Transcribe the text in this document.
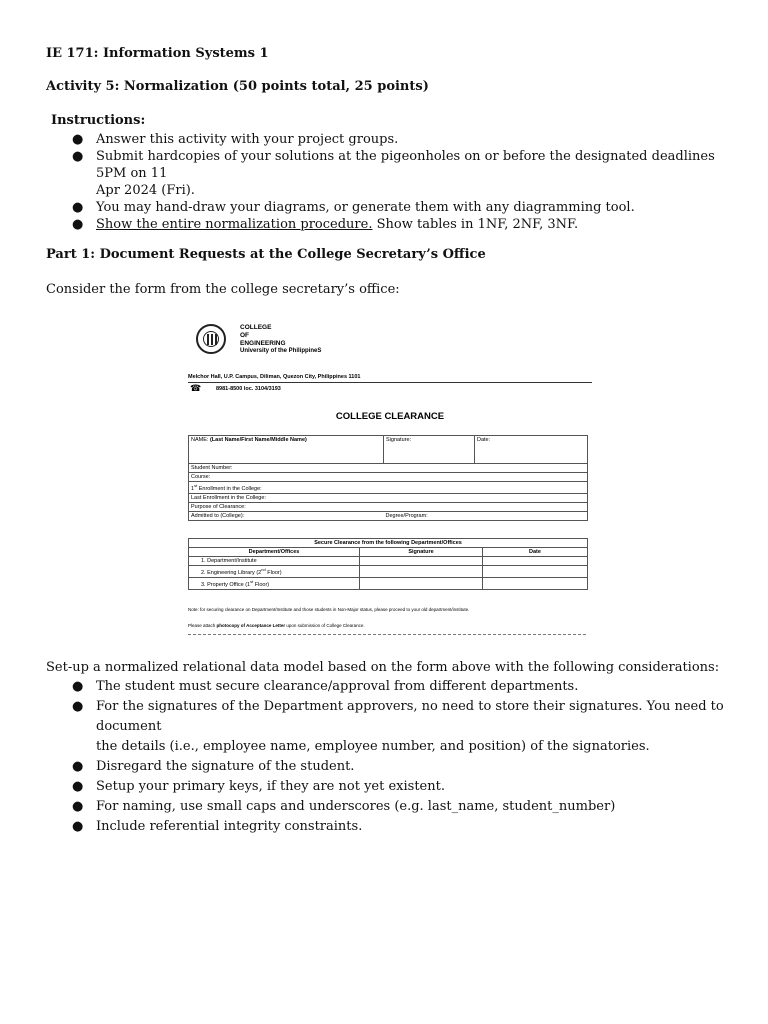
IE 171: Information Systems 1
Activity 5: Normalization (50 points total, 25 points)
Instructions:
● Answer this activity with your project groups.
● Submit hardcopies of your solutions at the pigeonholes on or before the designated deadlines 5PM on 11
Apr 2024 (Fri).
● You may hand-draw your diagrams, or generate them with any diagramming tool.
● Show the entire normalization procedure. Show tables in 1NF, 2NF, 3NF.
Part 1: Document Requests at the College Secretary’s Office
Consider the form from the college secretary’s office:
COLLEGE
OF
ENGINEERING
University of the PhilippineS
Melchor Hall, U.P. Campus, Diliman, Quezon City, Philippines 1101
☎	8981-8500 loc. 3104/3193
COLLEGE CLEARANCE
NAME: (Last Name/First Name/Middle Name)	Signature:	Date:
Student Number:
Course:
1st Enrollment in the College:
Last Enrollment in the College:
Purpose of Clearance:
Admitted to (College):	Degree/Program:
Secure Clearance from the following Department/Offices		
Department/Offices	Signature	Date
1. Department/Institute		
2. Engineering Library (2nd Floor)		
3. Property Office (1st Floor)		
Note: for securing clearance on Department/Institute and those students in Non-Major status, please proceed to your old department/institute.
Please attach photocopy of Acceptance Letter upon submission of College Clearance.
Set-up a normalized relational data model based on the form above with the following considerations:
● The student must secure clearance/approval from different departments.
● For the signatures of the Department approvers, no need to store their signatures. You need to document
the details (i.e., employee name, employee number, and position) of the signatories.
● Disregard the signature of the student.
● Setup your primary keys, if they are not yet existent.
● For naming, use small caps and underscores (e.g. last_name, student_number)
● Include referential integrity constraints.
